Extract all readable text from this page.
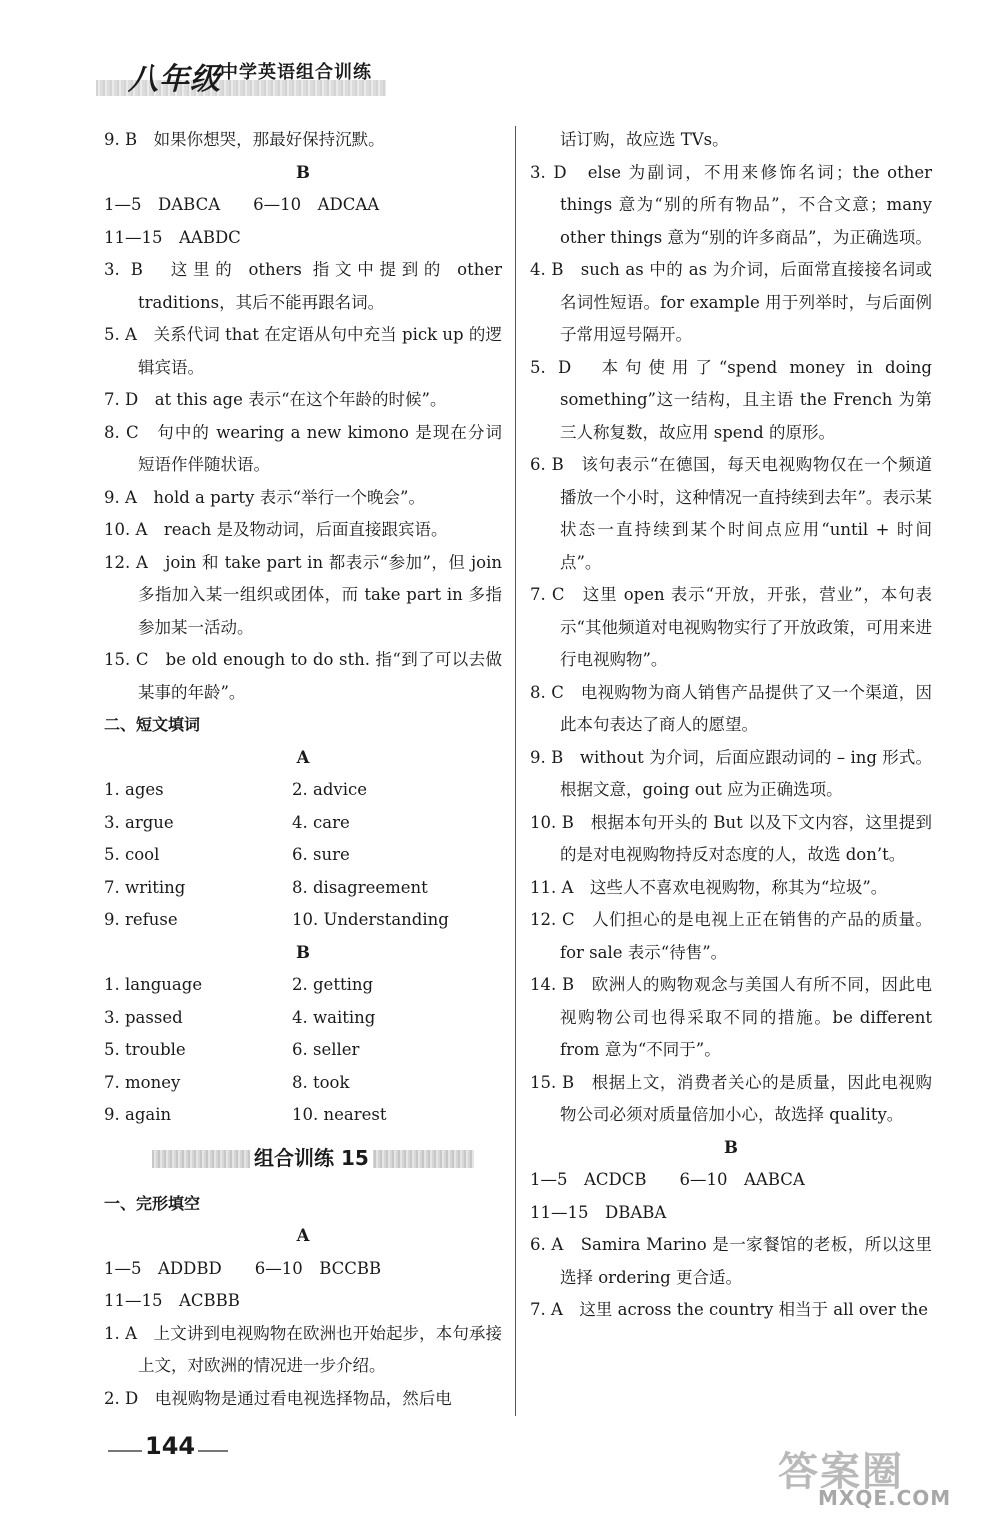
八年级 中学英语组合训练
9. B　如果你想哭，那最好保持沉默。
B
1—5　DABCA　　6—10　ADCAA
11—15　AABDC
3. B　这里的 others 指文中提到的 other traditions，其后不能再跟名词。
5. A　关系代词 that 在定语从句中充当 pick up 的逻辑宾语。
7. D　at this age 表示“在这个年龄的时候”。
8. C　句中的 wearing a new kimono 是现在分词短语作伴随状语。
9. A　hold a party 表示“举行一个晚会”。
10. A　reach 是及物动词，后面直接跟宾语。
12. A　join 和 take part in 都表示“参加”，但 join 多指加入某一组织或团体，而 take part in 多指参加某一活动。
15. C　be old enough to do sth. 指“到了可以去做某事的年龄”。
二、短文填词
A
1. ages	2. advice
3. argue	4. care
5. cool	6. sure
7. writing	8. disagreement
9. refuse	10. Understanding
B
1. language	2. getting
3. passed	4. waiting
5. trouble	6. seller
7. money	8. took
9. again	10. nearest
组合训练 15
一、完形填空
A
1—5　ADDBD　　6—10　BCCBB
11—15　ACBBB
1. A　上文讲到电视购物在欧洲也开始起步，本句承接上文，对欧洲的情况进一步介绍。
2. D　电视购物是通过看电视选择物品，然后电
话订购，故应选 TVs。
3. D　else 为副词，不用来修饰名词；the other things 意为“别的所有物品”，不合文意；many other things 意为“别的许多商品”，为正确选项。
4. B　such as 中的 as 为介词，后面常直接接名词或名词性短语。for example 用于列举时，与后面例子常用逗号隔开。
5. D　本句使用了“spend money in doing something”这一结构，且主语 the French 为第三人称复数，故应用 spend 的原形。
6. B　该句表示“在德国，每天电视购物仅在一个频道播放一个小时，这种情况一直持续到去年”。表示某状态一直持续到某个时间点应用“until + 时间点”。
7. C　这里 open 表示“开放，开张，营业”，本句表示“其他频道对电视购物实行了开放政策，可用来进行电视购物”。
8. C　电视购物为商人销售产品提供了又一个渠道，因此本句表达了商人的愿望。
9. B　without 为介词，后面应跟动词的 – ing 形式。根据文意，going out 应为正确选项。
10. B　根据本句开头的 But 以及下文内容，这里提到的是对电视购物持反对态度的人，故选 don’t。
11. A　这些人不喜欢电视购物，称其为“垃圾”。
12. C　人们担心的是电视上正在销售的产品的质量。for sale 表示“待售”。
14. B　欧洲人的购物观念与美国人有所不同，因此电视购物公司也得采取不同的措施。be different from 意为“不同于”。
15. B　根据上文，消费者关心的是质量，因此电视购物公司必须对质量倍加小心，故选择 quality。
B
1—5　ACDCB　　6—10　AABCA
11—15　DBABA
6. A　Samira Marino 是一家餐馆的老板，所以这里选择 ordering 更合适。
7. A　这里 across the country 相当于 all over the
144
答案圈
MXQE.COM
